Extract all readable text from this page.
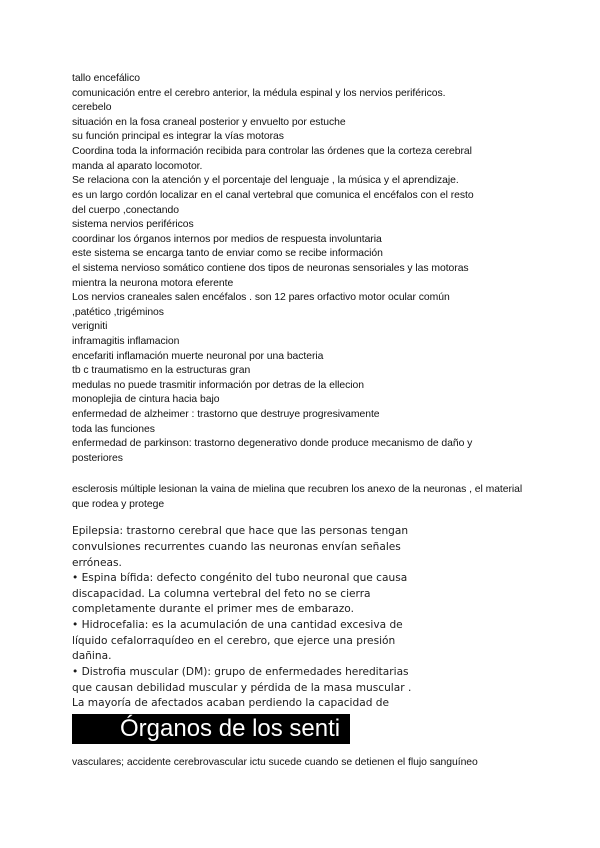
tallo encefálico
comunicación entre el cerebro anterior, la médula espinal y los nervios periféricos.
cerebelo
situación en la fosa craneal posterior y envuelto por estuche
su función principal es integrar la vías motoras
Coordina toda la información recibida para controlar las órdenes que la corteza cerebral
manda al aparato locomotor.
Se relaciona con la atención y el porcentaje del lenguaje , la música y el aprendizaje.
es un largo cordón localizar en el canal vertebral que comunica el encéfalos con el resto
del cuerpo ,conectando
sistema nervios periféricos
coordinar los órganos internos por medios de respuesta involuntaria
este sistema se encarga tanto de enviar como se recibe información
el sistema nervioso somático contiene dos tipos de neuronas sensoriales y las motoras
mientra la neurona motora eferente
Los nervios craneales salen encéfalos . son 12 pares orfactivo motor ocular común
,patético ,trigéminos
verigniti
inframagitis inflamacion
encefariti inflamación muerte neuronal por una bacteria
tb c traumatismo en la estructuras gran
medulas no puede trasmitir información por detras de la ellecion
monoplejia de cintura hacia bajo
enfermedad de alzheimer : trastorno que destruye progresivamente
toda las funciones
enfermedad de parkinson: trastorno degenerativo donde produce mecanismo de daño y
posteriores
esclerosis múltiple lesionan la vaina de mielina que recubren los anexo de la neuronas , el material que rodea y protege
Epilepsia: trastorno cerebral que hace que las personas tengan
convulsiones recurrentes cuando las neuronas envían señales
erróneas.
• Espina bífida: defecto congénito del tubo neuronal que causa
discapacidad. La columna vertebral del feto no se cierra
completamente durante el primer mes de embarazo.
• Hidrocefalia: es la acumulación de una cantidad excesiva de
líquido cefalorraquídeo en el cerebro, que ejerce una presión
dañina.
• Distrofia muscular (DM): grupo de enfermedades hereditarias
que causan debilidad muscular y pérdida de la masa muscular .
La mayoría de afectados acaban perdiendo la capacidad de
Órganos de los senti
vasculares; accidente cerebrovascular ictu sucede cuando se detienen el flujo sanguíneo
